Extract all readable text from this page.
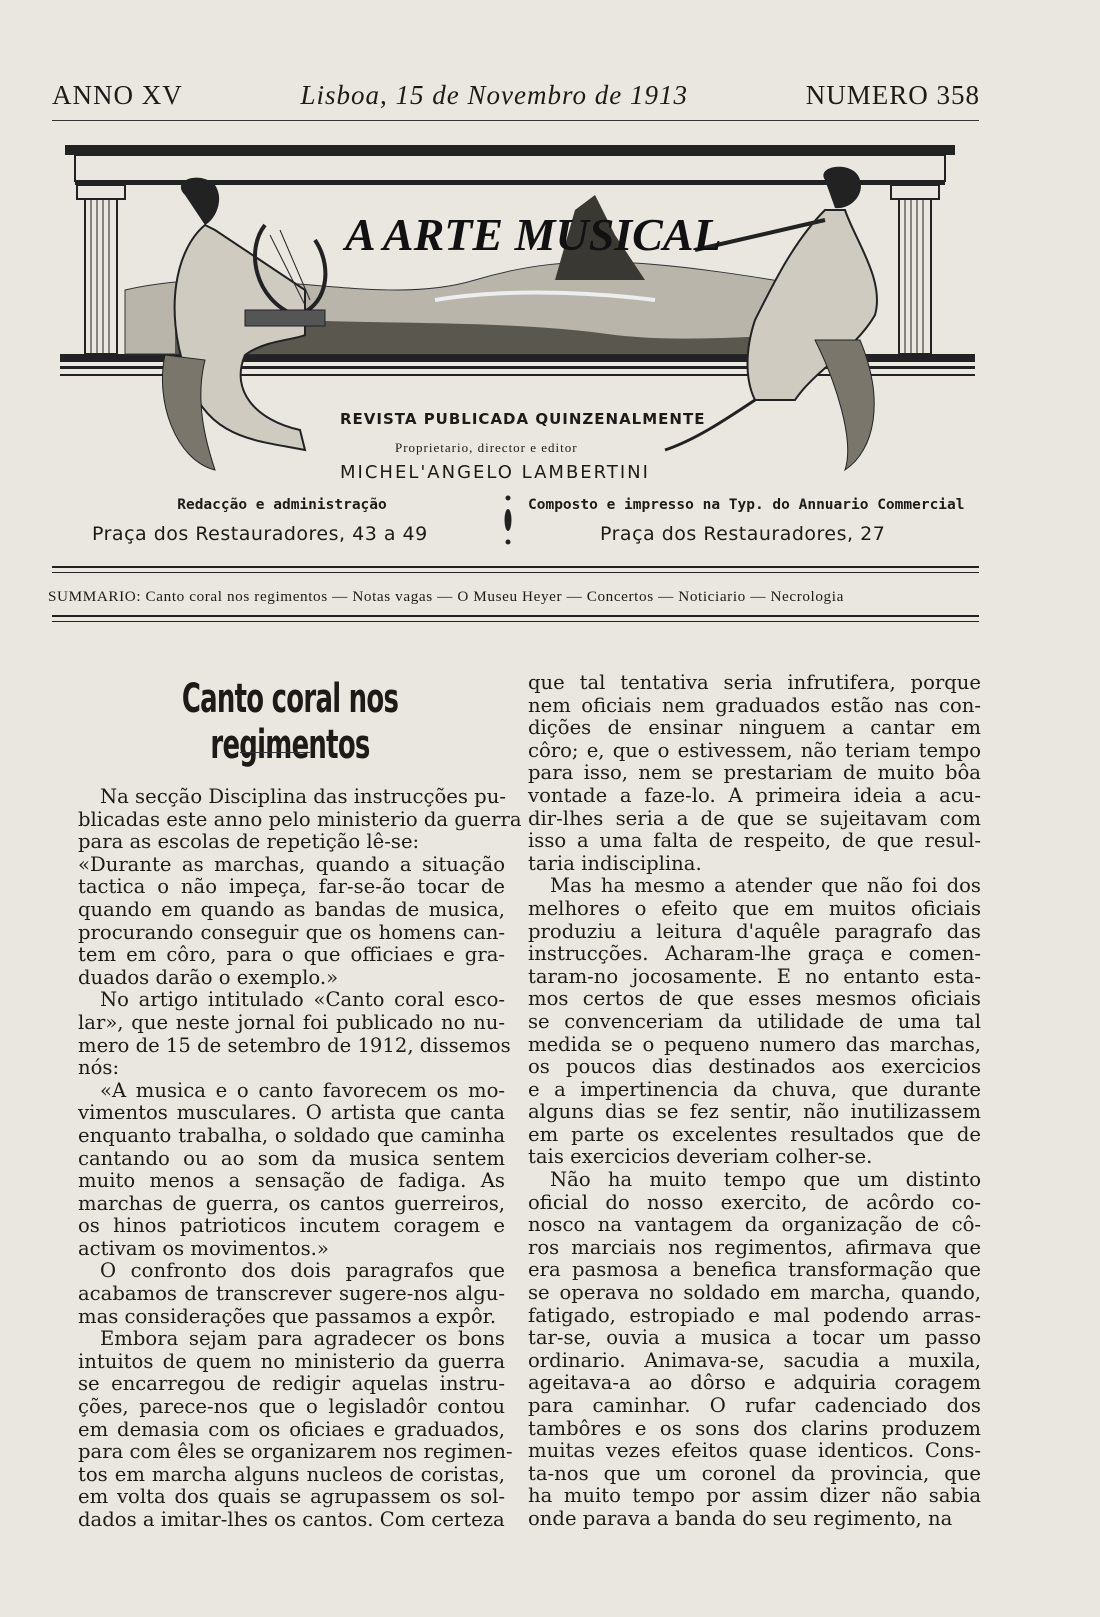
ANNO XV	Lisboa, 15 de Novembro de 1913	NUMERO 358
A ARTE MUSICAL
REVISTA PUBLICADA QUINZENALMENTE
Proprietario, director e editor
MICHEL'ANGELO LAMBERTINI
Redacção e administração
Praça dos Restauradores, 43 a 49
Composto e impresso na Typ. do Annuario Commercial
Praça dos Restauradores, 27
SUMMARIO: Canto coral nos regimentos — Notas vagas — O Museu Heyer — Concertos — Noticiario — Necrologia
Canto coral nos regimentos
Na secção Disciplina das instrucções pu-
blicadas este anno pelo ministerio da guerra
para as escolas de repetição lê-se:
«Durante as marchas, quando a situação
tactica o não impeça, far-se-ão tocar de
quando em quando as bandas de musica,
procurando conseguir que os homens can-
tem em côro, para o que officiaes e gra-
duados darão o exemplo.»
No artigo intitulado «Canto coral esco-
lar», que neste jornal foi publicado no nu-
mero de 15 de setembro de 1912, dissemos
nós:
«A musica e o canto favorecem os mo-
vimentos musculares. O artista que canta
enquanto trabalha, o soldado que caminha
cantando ou ao som da musica sentem
muito menos a sensação de fadiga. As
marchas de guerra, os cantos guerreiros,
os hinos patrioticos incutem coragem e
activam os movimentos.»
O confronto dos dois paragrafos que
acabamos de transcrever sugere-nos algu-
mas considerações que passamos a expôr.
Embora sejam para agradecer os bons
intuitos de quem no ministerio da guerra
se encarregou de redigir aquelas instru-
ções, parece-nos que o legisladôr contou
em demasia com os oficiaes e graduados,
para com êles se organizarem nos regimen-
tos em marcha alguns nucleos de coristas,
em volta dos quais se agrupassem os sol-
dados a imitar-lhes os cantos. Com certeza
que tal tentativa seria infrutifera, porque
nem oficiais nem graduados estão nas con-
dições de ensinar ninguem a cantar em
côro; e, que o estivessem, não teriam tempo
para isso, nem se prestariam de muito bôa
vontade a faze-lo. A primeira ideia a acu-
dir-lhes seria a de que se sujeitavam com
isso a uma falta de respeito, de que resul-
taria indisciplina.
Mas ha mesmo a atender que não foi dos
melhores o efeito que em muitos oficiais
produziu a leitura d'aquêle paragrafo das
instrucções. Acharam-lhe graça e comen-
taram-no jocosamente. E no entanto esta-
mos certos de que esses mesmos oficiais
se convenceriam da utilidade de uma tal
medida se o pequeno numero das marchas,
os poucos dias destinados aos exercicios
e a impertinencia da chuva, que durante
alguns dias se fez sentir, não inutilizassem
em parte os excelentes resultados que de
tais exercicios deveriam colher-se.
Não ha muito tempo que um distinto
oficial do nosso exercito, de acôrdo co-
nosco na vantagem da organização de cô-
ros marciais nos regimentos, afirmava que
era pasmosa a benefica transformação que
se operava no soldado em marcha, quando,
fatigado, estropiado e mal podendo arras-
tar-se, ouvia a musica a tocar um passo
ordinario. Animava-se, sacudia a muxila,
ageitava-a ao dôrso e adquiria coragem
para caminhar. O rufar cadenciado dos
tambôres e os sons dos clarins produzem
muitas vezes efeitos quase identicos. Cons-
ta-nos que um coronel da provincia, que
ha muito tempo por assim dizer não sabia
onde parava a banda do seu regimento, na
